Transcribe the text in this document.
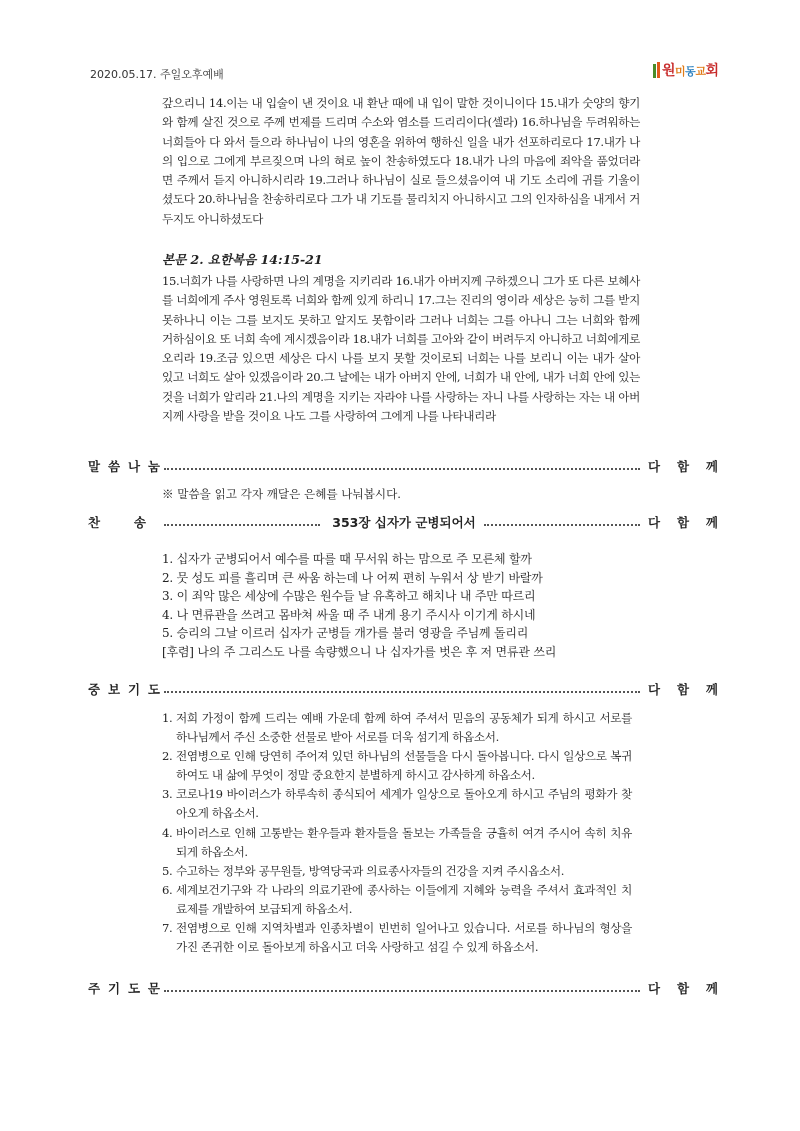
2020.05.17. 주일오후예배	원미동교회

갚으리니 14.이는 내 입술이 낸 것이요 내 환난 때에 내 입이 말한 것이니이다 15.내가 숫양의 향기와 함께 살진 것으로 주께 번제를 드리며 수소와 염소를 드리리이다(셀라) 16.하나님을 두려워하는 너희들아 다 와서 들으라 하나님이 나의 영혼을 위하여 행하신 일을 내가 선포하리로다 17.내가 나의 입으로 그에게 부르짖으며 나의 혀로 높이 찬송하였도다 18.내가 나의 마음에 죄악을 품었더라면 주께서 듣지 아니하시리라 19.그러나 하나님이 실로 들으셨음이여 내 기도 소리에 귀를 기울이셨도다 20.하나님을 찬송하리로다 그가 내 기도를 물리치지 아니하시고 그의 인자하심을 내게서 거두지도 아니하셨도다

본문 2. 요한복음 14:15-21

15.너희가 나를 사랑하면 나의 계명을 지키리라 16.내가 아버지께 구하겠으니 그가 또 다른 보혜사를 너희에게 주사 영원토록 너희와 함께 있게 하리니 17.그는 진리의 영이라 세상은 능히 그를 받지 못하나니 이는 그를 보지도 못하고 알지도 못함이라 그러나 너희는 그를 아나니 그는 너희와 함께 거하심이요 또 너희 속에 계시겠음이라 18.내가 너희를 고아와 같이 버려두지 아니하고 너희에게로 오리라 19.조금 있으면 세상은 다시 나를 보지 못할 것이로되 너희는 나를 보리니 이는 내가 살아 있고 너희도 살아 있겠음이라 20.그 날에는 내가 아버지 안에, 너희가 내 안에, 내가 너희 안에 있는 것을 너희가 알리라 21.나의 계명을 지키는 자라야 나를 사랑하는 자니 나를 사랑하는 자는 내 아버지께 사랑을 받을 것이요 나도 그를 사랑하여 그에게 나를 나타내리라

말 씀 나 눔	다 함 께
※ 말씀을 읽고 각자 깨달은 은혜를 나눠봅시다.
찬	송	353장 십자가 군병되어서	다 함 께
1. 십자가 군병되어서 예수를 따를 때 무서워 하는 맘으로 주 모른체 할까
2. 뭇 성도 피를 흘리며 큰 싸움 하는데 나 어찌 편히 누워서 상 받기 바랄까
3. 이 죄악 많은 세상에 수많은 원수들 날 유혹하고 해치나 내 주만 따르리
4. 나 면류관을 쓰려고 몸바쳐 싸울 때 주 내게 용기 주시사 이기게 하시네
5. 승리의 그날 이르러 십자가 군병들 개가를 불러 영광을 주님께 돌리리
[후렴] 나의 주 그리스도 나를 속량했으니 나 십자가를 벗은 후 저 면류관 쓰리
중 보 기 도	다 함 께
1. 저희 가정이 함께 드리는 예배 가운데 함께 하여 주셔서 믿음의 공동체가 되게 하시고 서로를 하나님께서 주신 소중한 선물로 받아 서로를 더욱 섬기게 하옵소서.
2. 전염병으로 인해 당연히 주어져 있던 하나님의 선물들을 다시 돌아봅니다. 다시 일상으로 복귀하여도 내 삶에 무엇이 정말 중요한지 분별하게 하시고 감사하게 하옵소서.
3. 코로나19 바이러스가 하루속히 종식되어 세계가 일상으로 돌아오게 하시고 주님의 평화가 찾아오게 하옵소서.
4. 바이러스로 인해 고통받는 환우들과 환자들을 돌보는 가족들을 긍휼히 여겨 주시어 속히 치유되게 하옵소서.
5. 수고하는 정부와 공무원들, 방역당국과 의료종사자들의 건강을 지켜 주시옵소서.
6. 세계보건기구와 각 나라의 의료기관에 종사하는 이들에게 지혜와 능력을 주셔서 효과적인 치료제를 개발하여 보급되게 하옵소서.
7. 전염병으로 인해 지역차별과 인종차별이 빈번히 일어나고 있습니다. 서로를 하나님의 형상을 가진 존귀한 이로 돌아보게 하옵시고 더욱 사랑하고 섬길 수 있게 하옵소서.
주 기 도 문	다 함 께
